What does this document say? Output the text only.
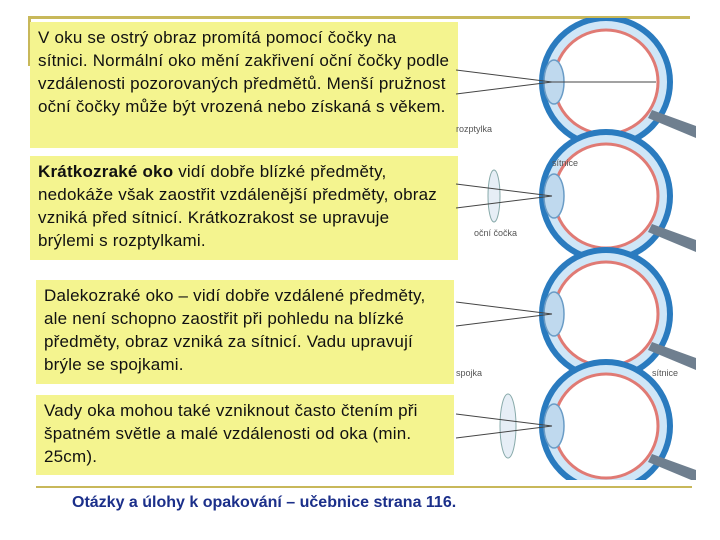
V oku se ostrý obraz promítá pomocí čočky na sítnici. Normální oko mění zakřivení oční čočky podle vzdálenosti pozorovaných předmětů. Menší pružnost oční čočky může být vrozená nebo získaná s věkem.
Krátkozraké oko vidí dobře blízké předměty, nedokáže však zaostřit vzdálenější předměty, obraz vzniká před sítnicí. Krátkozrakost se upravuje brýlemi s rozptylkami.
Dalekozraké oko – vidí dobře vzdálené předměty, ale není schopno zaostřit při pohledu na blízké předměty, obraz vzniká za sítnicí. Vadu upravují brýle se spojkami.
Vady oka mohou také vzniknout často čtením při špatném světle a malé vzdálenosti od oka (min. 25cm).
Otázky a úlohy k opakování – učebnice strana 116.
rozptylka
sítnice
oční čočka
spojka	sítnice
